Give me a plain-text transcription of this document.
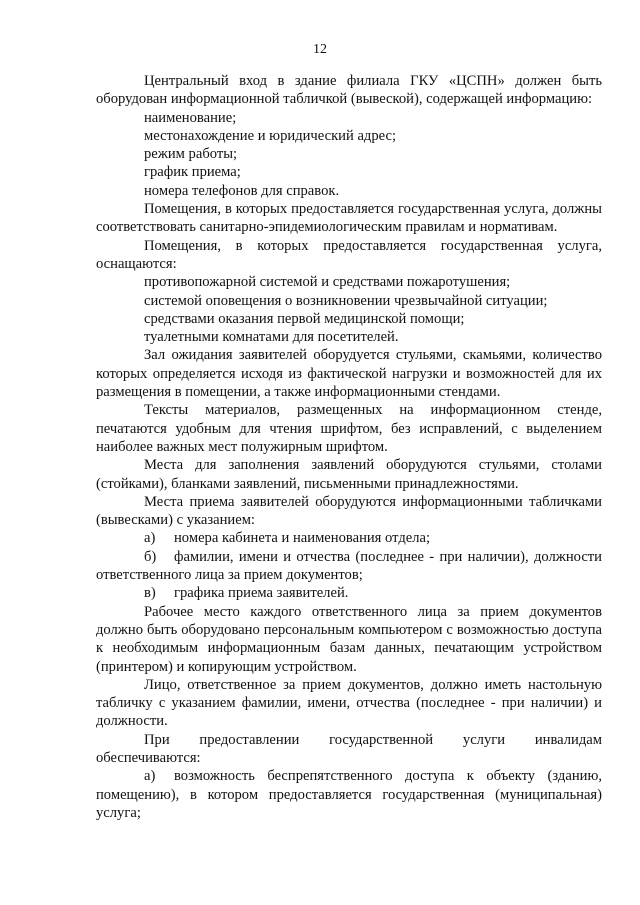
12

Центральный вход в здание филиала ГКУ «ЦСПН» должен быть оборудован информационной табличкой (вывеской), содержащей информацию:

наименование;

местонахождение и юридический адрес;

режим работы;

график приема;

номера телефонов для справок.

Помещения, в которых предоставляется государственная услуга, должны соответствовать санитарно-эпидемиологическим правилам и нормативам.

Помещения, в которых предоставляется государственная услуга, оснащаются:

противопожарной системой и средствами пожаротушения;

системой оповещения о возникновении чрезвычайной ситуации;

средствами оказания первой медицинской помощи;

туалетными комнатами для посетителей.

Зал ожидания заявителей оборудуется стульями, скамьями, количество которых определяется исходя из фактической нагрузки и возможностей для их размещения в помещении, а также информационными стендами.

Тексты материалов, размещенных на информационном стенде, печатаются удобным для чтения шрифтом, без исправлений, с выделением наиболее важных мест полужирным шрифтом.

Места для заполнения заявлений оборудуются стульями, столами (стойками), бланками заявлений, письменными принадлежностями.

Места приема заявителей оборудуются информационными табличками (вывесками) с указанием:

а) номера кабинета и наименования отдела;

б) фамилии, имени и отчества (последнее - при наличии), должности ответственного лица за прием документов;

в) графика приема заявителей.

Рабочее место каждого ответственного лица за прием документов должно быть оборудовано персональным компьютером с возможностью доступа к необходимым информационным базам данных, печатающим устройством (принтером) и копирующим устройством.

Лицо, ответственное за прием документов, должно иметь настольную табличку с указанием фамилии, имени, отчества (последнее - при наличии) и должности.

При предоставлении государственной услуги инвалидам обеспечиваются:

а) возможность беспрепятственного доступа к объекту (зданию, помещению), в котором предоставляется государственная (муниципальная) услуга;
